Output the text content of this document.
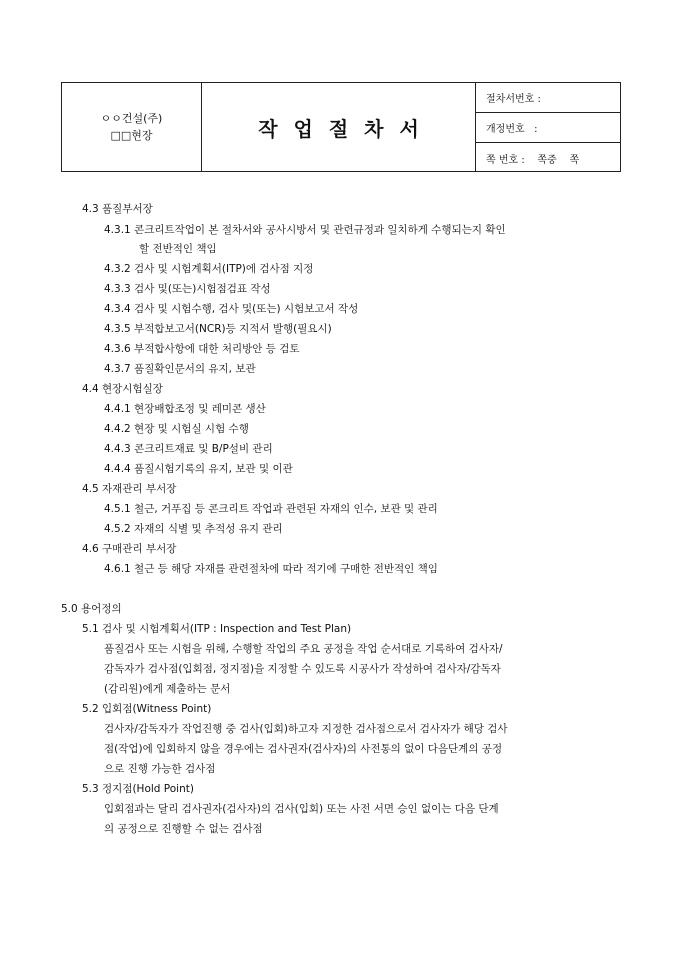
ㅇㅇ건설(주)
□□현장	작업절차서
절차서번호 :
개정번호   :
쪽 번호 :    쪽중    쪽
4.3 품질부서장
4.3.1 콘크리트작업이 본 절차서와 공사시방서 및 관련규정과 일치하게 수행되는지 확인
할 전반적인 책임
4.3.2 검사 및 시험계획서(ITP)에 검사점 지정
4.3.3 검사 및(또는)시험점검표 작성
4.3.4 검사 및 시험수행, 검사 및(또는) 시험보고서 작성
4.3.5 부적합보고서(NCR)등 지적서 발행(필요시)
4.3.6 부적합사항에 대한 처리방안 등 검토
4.3.7 품질확인문서의 유지, 보관
4.4 현장시험실장
4.4.1 현장배합조정 및 레미콘 생산
4.4.2 현장 및 시험실 시험 수행
4.4.3 콘크리트재료 및 B/P설비 관리
4.4.4 품질시험기록의 유지, 보관 및 이관
4.5 자재관리 부서장
4.5.1 철근, 거푸집 등 콘크리트 작업과 관련된 자재의 인수, 보관 및 관리
4.5.2 자재의 식별 및 추적성 유지 관리
4.6 구매관리 부서장
4.6.1 철근 등 해당 자재를 관련절차에 따라 적기에 구매한 전반적인 책임
5.0 용어정의
5.1 검사 및 시험계획서(ITP : Inspection and Test Plan)
품질검사 또는 시험을 위해, 수행할 작업의 주요 공정을 작업 순서대로 기록하여 검사자/
감독자가 검사점(입회점, 정지점)을 지정할 수 있도록 시공사가 작성하여 검사자/감독자
(감리원)에게 제출하는 문서
5.2 입회점(Witness Point)
검사자/감독자가 작업진행 중 검사(입회)하고자 지정한 검사점으로서 검사자가 해당 검사
점(작업)에 입회하지 않을 경우에는 검사권자(검사자)의 사전통의 없이 다음단계의 공정
으로 진행 가능한 검사점
5.3 정지점(Hold Point)
입회점과는 달리 검사권자(검사자)의 검사(입회) 또는 사전 서면 승인 없이는 다음 단계
의 공정으로 진행할 수 없는 검사점
